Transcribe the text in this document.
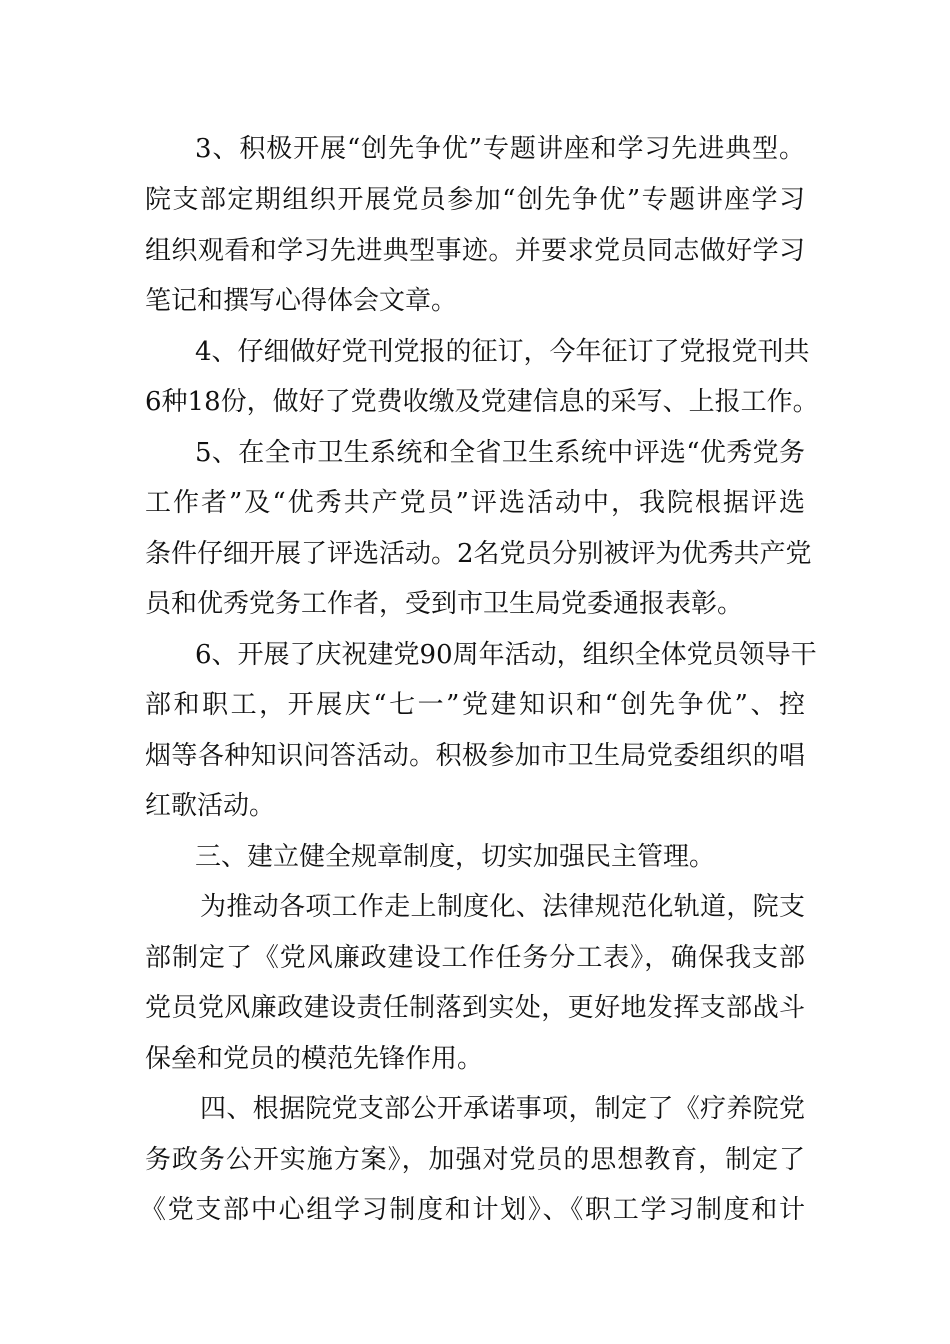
3、积极开展“创先争优”专题讲座和学习先进典型。
院支部定期组织开展党员参加“创先争优”专题讲座学习
组织观看和学习先进典型事迹。并要求党员同志做好学习
笔记和撰写心得体会文章。
4、仔细做好党刊党报的征订，今年征订了党报党刊共
6种18份，做好了党费收缴及党建信息的采写、上报工作。
5、在全市卫生系统和全省卫生系统中评选“优秀党务
工作者”及“优秀共产党员”评选活动中，我院根据评选
条件仔细开展了评选活动。2名党员分别被评为优秀共产党
员和优秀党务工作者，受到市卫生局党委通报表彰。
6、开展了庆祝建党90周年活动，组织全体党员领导干
部和职工，开展庆“七一”党建知识和“创先争优”、控
烟等各种知识问答活动。积极参加市卫生局党委组织的唱
红歌活动。
三、建立健全规章制度，切实加强民主管理。
为推动各项工作走上制度化、法律规范化轨道，院支
部制定了《党风廉政建设工作任务分工表》，确保我支部
党员党风廉政建设责任制落到实处，更好地发挥支部战斗
保垒和党员的模范先锋作用。
四、根据院党支部公开承诺事项，制定了《疗养院党
务政务公开实施方案》，加强对党员的思想教育，制定了
《党支部中心组学习制度和计划》、《职工学习制度和计
